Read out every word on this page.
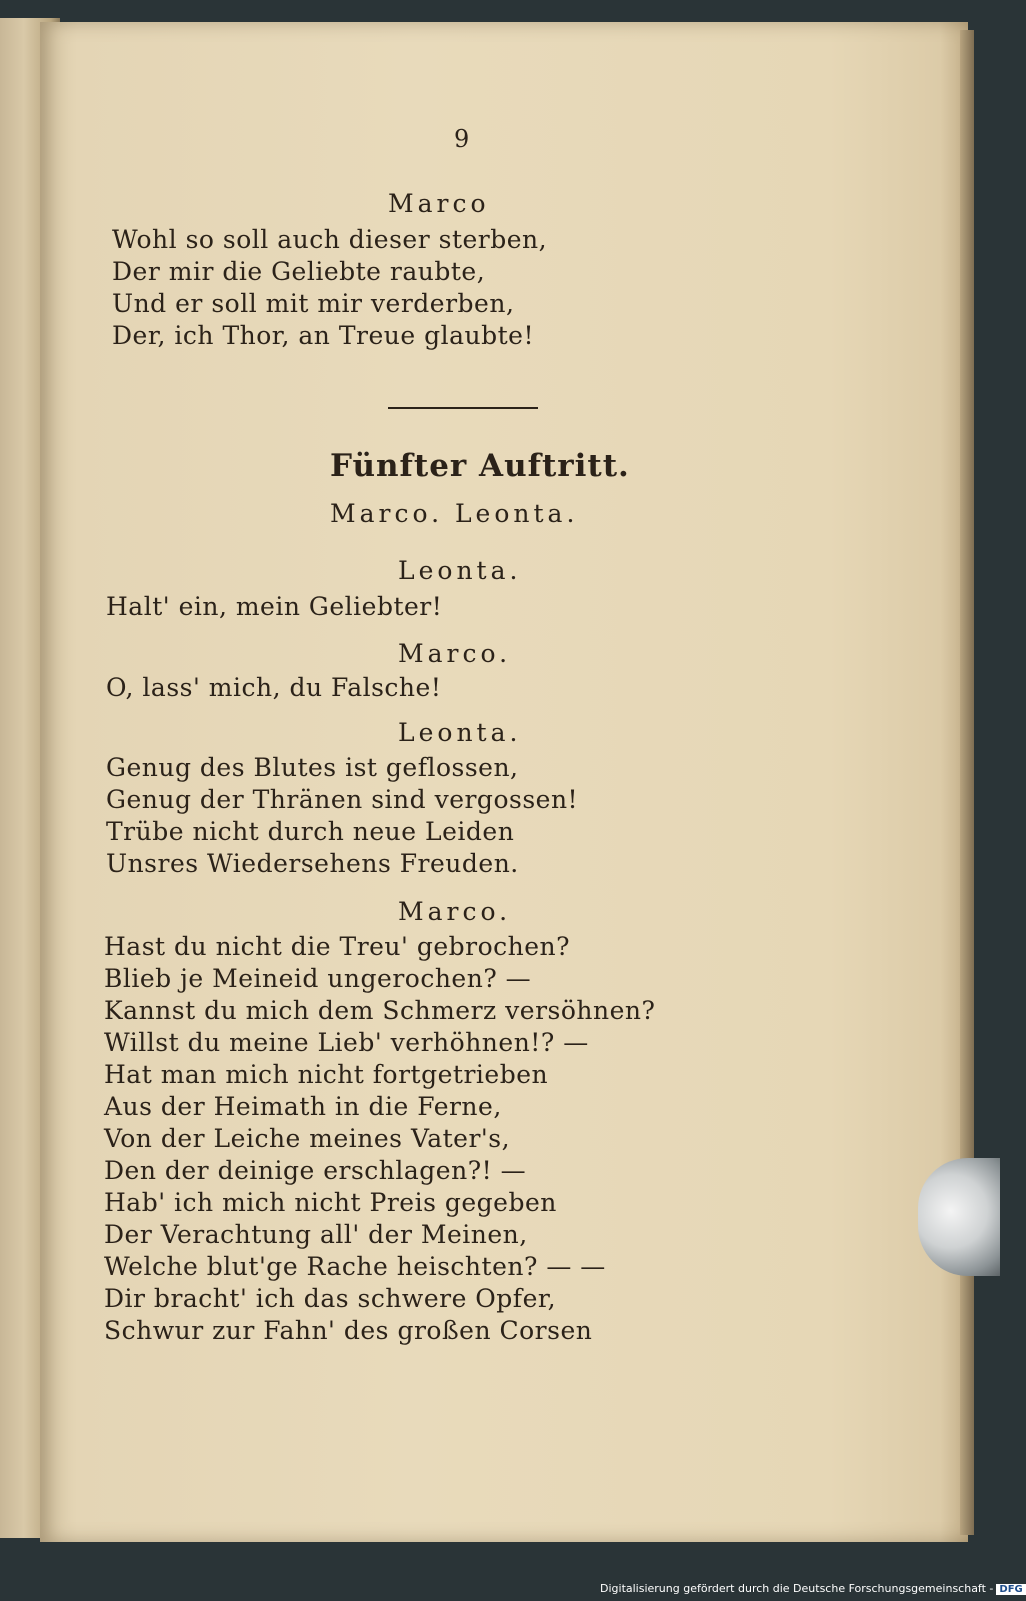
9
Marco
Wohl so soll auch dieser sterben,
Der mir die Geliebte raubte,
Und er soll mit mir verderben,
Der, ich Thor, an Treue glaubte!
Fünfter Auftritt.
Marco. Leonta.
Leonta.
Halt' ein, mein Geliebter!
Marco.
O, lass' mich, du Falsche!
Leonta.
Genug des Blutes ist geflossen,
Genug der Thränen sind vergossen!
Trübe nicht durch neue Leiden
Unsres Wiedersehens Freuden.
Marco.
Hast du nicht die Treu' gebrochen?
Blieb je Meineid ungerochen? —
Kannst du mich dem Schmerz versöhnen?
Willst du meine Lieb' verhöhnen!? —
Hat man mich nicht fortgetrieben
Aus der Heimath in die Ferne,
Von der Leiche meines Vater's,
Den der deinige erschlagen?! —
Hab' ich mich nicht Preis gegeben
Der Verachtung all' der Meinen,
Welche blut'ge Rache heischten? — —
Dir bracht' ich das schwere Opfer,
Schwur zur Fahn' des großen Corsen
Digitalisierung gefördert durch die Deutsche Forschungsgemeinschaft - DFG
